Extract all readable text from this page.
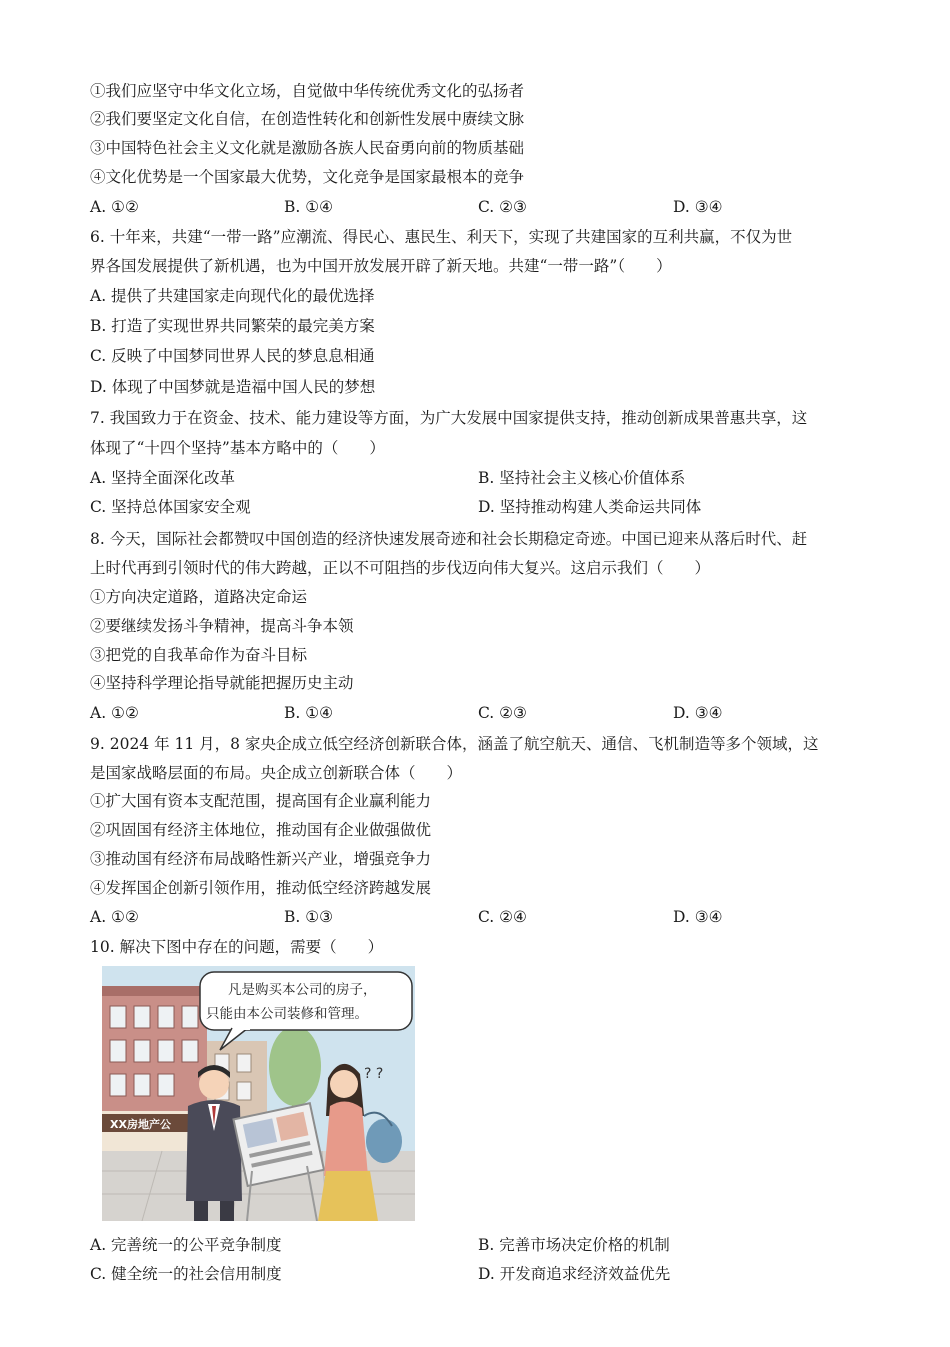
①我们应坚守中华文化立场，自觉做中华传统优秀文化的弘扬者
②我们要坚定文化自信，在创造性转化和创新性发展中赓续文脉
③中国特色社会主义文化就是激励各族人民奋勇向前的物质基础
④文化优势是一个国家最大优势，文化竞争是国家最根本的竞争
A. ①②	B. ①④	C. ②③	D. ③④
6. 十年来，共建“一带一路”应潮流、得民心、惠民生、利天下，实现了共建国家的互利共赢，不仅为世
界各国发展提供了新机遇，也为中国开放发展开辟了新天地。共建“一带一路”（　　）
A. 提供了共建国家走向现代化的最优选择
B. 打造了实现世界共同繁荣的最完美方案
C. 反映了中国梦同世界人民的梦息息相通
D. 体现了中国梦就是造福中国人民的梦想
7. 我国致力于在资金、技术、能力建设等方面，为广大发展中国家提供支持，推动创新成果普惠共享，这
体现了“十四个坚持”基本方略中的（　　）
A. 坚持全面深化改革	B. 坚持社会主义核心价值体系
C. 坚持总体国家安全观	D. 坚持推动构建人类命运共同体
8. 今天，国际社会都赞叹中国创造的经济快速发展奇迹和社会长期稳定奇迹。中国已迎来从落后时代、赶
上时代再到引领时代的伟大跨越，正以不可阻挡的步伐迈向伟大复兴。这启示我们（　　）
①方向决定道路，道路决定命运
②要继续发扬斗争精神，提高斗争本领
③把党的自我革命作为奋斗目标
④坚持科学理论指导就能把握历史主动
A. ①②	B. ①④	C. ②③	D. ③④
9. 2024 年 11 月，8 家央企成立低空经济创新联合体，涵盖了航空航天、通信、飞机制造等多个领域，这
是国家战略层面的布局。央企成立创新联合体（　　）
①扩大国有资本支配范围，提高国有企业赢利能力
②巩固国有经济主体地位，推动国有企业做强做优
③推动国有经济布局战略性新兴产业，增强竞争力
④发挥国企创新引领作用，推动低空经济跨越发展
A. ①②	B. ①③	C. ②④	D. ③④
10. 解决下图中存在的问题，需要（　　）
XX房地产公
? ?
凡是购买本公司的房子，
只能由本公司装修和管理。
A. 完善统一的公平竞争制度	B. 完善市场决定价格的机制
C. 健全统一的社会信用制度	D. 开发商追求经济效益优先
